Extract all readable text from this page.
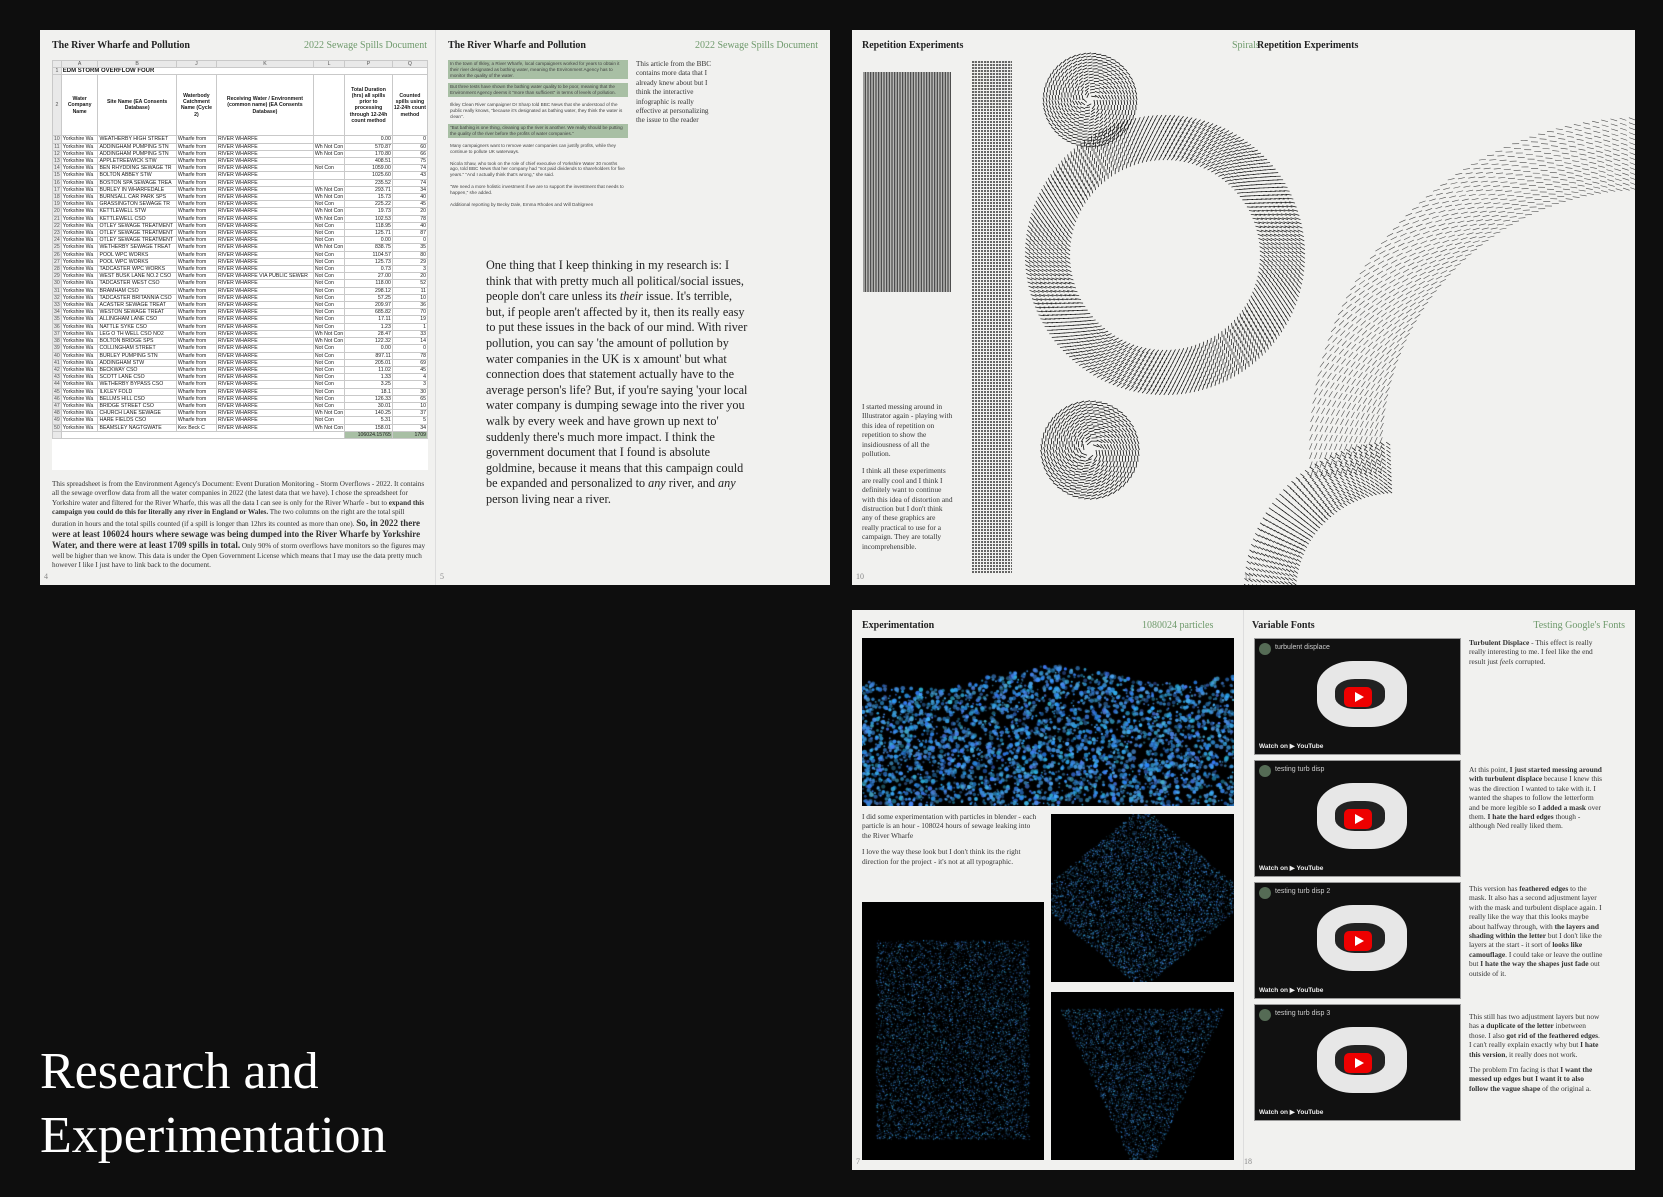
The River Wharfe and Pollution	2022 Sewage Spills Document
	A	B	J	K	L	P	Q
1	EDM STORM OVERFLOW FOUR						
2	Water Company Name	Site Name (EA Consents Database)	Waterbody Catchment Name (Cycle 2)	Receiving Water / Environment (common name) (EA Consents Database)		Total Duration (hrs) all spills prior to processing through 12-24h count method	Counted spills using 12-24h count method
10	Yorkshire Wa	WEATHERBY HIGH STREET	Wharfe from	RIVER WHARFE		0.00	0
11	Yorkshire Wa	ADDINGHAM PUMPING STN	Wharfe from	RIVER WHARFE	Wh Not Con	570.87	60
12	Yorkshire Wa	ADDINGHAM PUMPING STN	Wharfe from	RIVER WHARFE	Wh Not Con	170.80	66
13	Yorkshire Wa	APPLETREEWICK STW	Wharfe from	RIVER WHARFE		408.51	75
14	Yorkshire Wa	BEN RHYDDING SEWAGE TR	Wharfe from	RIVER WHARFE	Not Con	1059.00	74
15	Yorkshire Wa	BOLTON ABBEY STW	Wharfe from	RIVER WHARFE		1025.60	43
16	Yorkshire Wa	BOSTON SPA SEWAGE TREA	Wharfe from	RIVER WHARFE		235.52	74
17	Yorkshire Wa	BURLEY IN WHARFEDALE	Wharfe from	RIVER WHARFE	Wh Not Con	293.71	34
18	Yorkshire Wa	BURNSALL CAR PARK SPS	Wharfe from	RIVER WHARFE	Wh Not Con	15.73	40
19	Yorkshire Wa	GRASSINGTON SEWAGE TR	Wharfe from	RIVER WHARFE	Not Con	225.22	45
20	Yorkshire Wa	KETTLEWELL STW	Wharfe from	RIVER WHARFE	Wh Not Con	19.73	20
21	Yorkshire Wa	KETTLEWELL CSO	Wharfe from	RIVER WHARFE	Wh Not Con	102.53	78
22	Yorkshire Wa	OTLEY SEWAGE TREATMENT	Wharfe from	RIVER WHARFE	Not Con	118.95	40
23	Yorkshire Wa	OTLEY SEWAGE TREATMENT	Wharfe from	RIVER WHARFE	Not Con	125.71	87
24	Yorkshire Wa	OTLEY SEWAGE TREATMENT	Wharfe from	RIVER WHARFE	Not Con	0.00	0
25	Yorkshire Wa	WETHERBY SEWAGE TREAT	Wharfe from	RIVER WHARFE	Wh Not Con	838.75	35
26	Yorkshire Wa	POOL WPC WORKS	Wharfe from	RIVER WHARFE	Not Con	1104.57	80
27	Yorkshire Wa	POOL WPC WORKS	Wharfe from	RIVER WHARFE	Not Con	125.73	29
28	Yorkshire Wa	TADCASTER WPC WORKS	Wharfe from	RIVER WHARFE	Not Con	0.73	3
29	Yorkshire Wa	WEST BUSK LANE NO.2 CSO	Wharfe from	RIVER WHARFE VIA PUBLIC SEWER	Not Con	27.00	20
30	Yorkshire Wa	TADCASTER WEST CSO	Wharfe from	RIVER WHARFE	Not Con	118.00	52
31	Yorkshire Wa	BRAMHAM CSO	Wharfe from	RIVER WHARFE	Not Con	298.12	11
32	Yorkshire Wa	TADCASTER BRITANNIA CSO	Wharfe from	RIVER WHARFE	Not Con	57.25	10
33	Yorkshire Wa	ACASTER SEWAGE TREAT	Wharfe from	RIVER WHARFE	Not Con	209.97	36
34	Yorkshire Wa	WESTON SEWAGE TREAT	Wharfe from	RIVER WHARFE	Not Con	685.82	70
35	Yorkshire Wa	ALLINGHAM LANE CSO	Wharfe from	RIVER WHARFE	Not Con	17.11	19
36	Yorkshire Wa	NATTLE SYKE CSO	Wharfe from	RIVER WHARFE	Not Con	1.23	1
37	Yorkshire Wa	LEG O TH WELL CSO NO2	Wharfe from	RIVER WHARFE	Wh Not Con	28.47	33
38	Yorkshire Wa	BOLTON BRIDGE SPS	Wharfe from	RIVER WHARFE	Wh Not Con	122.32	14
39	Yorkshire Wa	COLLINGHAM STREET	Wharfe from	RIVER WHARFE	Not Con	0.00	0
40	Yorkshire Wa	BURLEY PUMPING STN	Wharfe from	RIVER WHARFE	Not Con	897.11	78
41	Yorkshire Wa	ADDINGHAM STW	Wharfe from	RIVER WHARFE	Not Con	205.01	69
42	Yorkshire Wa	BECKWAY CSO	Wharfe from	RIVER WHARFE	Not Con	11.02	45
43	Yorkshire Wa	SCOTT LANE CSO	Wharfe from	RIVER WHARFE	Not Con	1.33	4
44	Yorkshire Wa	WETHERBY BYPASS CSO	Wharfe from	RIVER WHARFE	Not Con	3.25	3
45	Yorkshire Wa	ILKLEY FOLD	Wharfe from	RIVER WHARFE	Not Con	18.1	30
46	Yorkshire Wa	BELLMS HILL CSO	Wharfe from	RIVER WHARFE	Not Con	126.33	65
47	Yorkshire Wa	BRIDGE STREET CSO	Wharfe from	RIVER WHARFE	Not Con	30.01	10
48	Yorkshire Wa	CHURCH LANE SEWAGE	Wharfe from	RIVER WHARFE	Wh Not Con	140.25	37
49	Yorkshire Wa	HARE FIELDS CSO	Wharfe from	RIVER WHARFE	Not Con	5.31	5
50	Yorkshire Wa	BEAMSLEY NAGTGWATE	Kex Beck C	RIVER WHARFE	Wh Not Con	158.01	34
						106024.15765	1709
This spreadsheet is from the Environment Agency's Document: Event Duration Monitoring - Storm Overflows - 2022. It contains all the sewage overflow data from all the water companies in 2022 (the latest data that we have). I chose the spreadsheet for Yorkshire water and filtered for the River Wharfe, this was all the data I can see is only for the River Wharfe - but to expand this campaign you could do this for literally any river in England or Wales. The two columns on the right are the total spill duration in hours and the total spills counted (if a spill is longer than 12hrs its counted as more than one). So, in 2022 there were at least 106024 hours where sewage was being dumped into the River Wharfe by Yorkshire Water, and there were at least 1709 spills in total. Only 90% of storm overflows have monitors so the figures may well be higher than we know. This data is under the Open Government License which means that I may use the data pretty much however I like I just have to link back to the document.
4
The River Wharfe and Pollution	2022 Sewage Spills Document
In the town of Ilkley, a River Wharfe, local campaigners worked for years to obtain it their river designated as bathing water, meaning the Environment Agency has to monitor the quality of the water.
But three tests have shown the bathing water quality to be poor, meaning that the Environment Agency deems it "more than sufficient" in terms of levels of pollution.
Ilkley Clean River campaigner Dr Sharp told BBC News that she understood of the public really knows, "because it's designated as bathing water, they think the water is clean".
"But bathing is one thing, cleaning up the river is another. We really should be putting the quality of the river before the profits of water companies."
Many campaigners want to remove water companies can justify profits, while they continue to pollute UK waterways.
Nicola Shaw, who took on the role of chief executive of Yorkshire Water 30 months ago, told BBC News that her company had "not paid dividends to shareholders for five years." "And I actually think that's wrong," she said.
"We need a more holistic investment if we are to support the investment that needs to happen," she added.
Additional reporting by Becky Dale, Emma Rhodes and Will Dahlgreen
This article from the BBC contains more data that I already knew about but I think the interactive infographic is really effective at personalizing the issue to the reader
One thing that I keep thinking in my research is: I think that with pretty much all political/social issues, people don't care unless its their issue. It's terrible, but, if people aren't affected by it, then its really easy to put these issues in the back of our mind. With river pollution, you can say 'the amount of pollution by water companies in the UK is x amount' but what connection does that statement actually have to the average person's life? But, if you're saying 'your local water company is dumping sewage into the river you walk by every week and have grown up next to' suddenly there's much more impact. I think the government document that I found is absolute goldmine, because it means that this campaign could be expanded and personalized to any river, and any person living near a river.
5
Repetition Experiments	Spirals
Repetition Experiments
I started messing around in Illustrator again - playing with this idea of repetition on repetition to show the insidiousness of all the pollution.
I think all these experiments are really cool and I think I definitely want to continue with this idea of distortion and distruction but I don't think any of these graphics are really practical to use for a campaign. They are totally incomprehensible.
10	11
Experimentation	1080024 particles
I did some experimentation with particles in blender - each particle is an hour - 108024 hours of sewage leaking into the River Wharfe
I love the way these look but I don't think its the right direction for the project - it's not at all typographic.
7
Variable Fonts	Testing Google's Fonts
turbulent displace
Watch on ▶ YouTube
testing turb disp
Watch on ▶ YouTube
testing turb disp 2
Watch on ▶ YouTube
testing turb disp 3
Watch on ▶ YouTube
Turbulent Displace - This effect is really really interesting to me. I feel like the end result just feels corrupted.
At this point, I just started messing around with turbulent displace because I knew this was the direction I wanted to take with it. I wanted the shapes to follow the letterform and be more legible so I added a mask over them. I hate the hard edges though - although Ned really liked them.
This version has feathered edges to the mask. It also has a second adjustment layer with the mask and turbulent displace again. I really like the way that this looks maybe about halfway through, with the layers and shading within the letter but I don't like the layers at the start - it sort of looks like camouflage. I could take or leave the outline but I hate the way the shapes just fade out outside of it.
This still has two adjustment layers but now has a duplicate of the letter inbetween those. I also got rid of the feathered edges. I can't really explain exactly why but I hate this version, it really does not work.
The problem I'm facing is that I want the messed up edges but I want it to also follow the vague shape of the original a.
18
Research and
Experimentation
